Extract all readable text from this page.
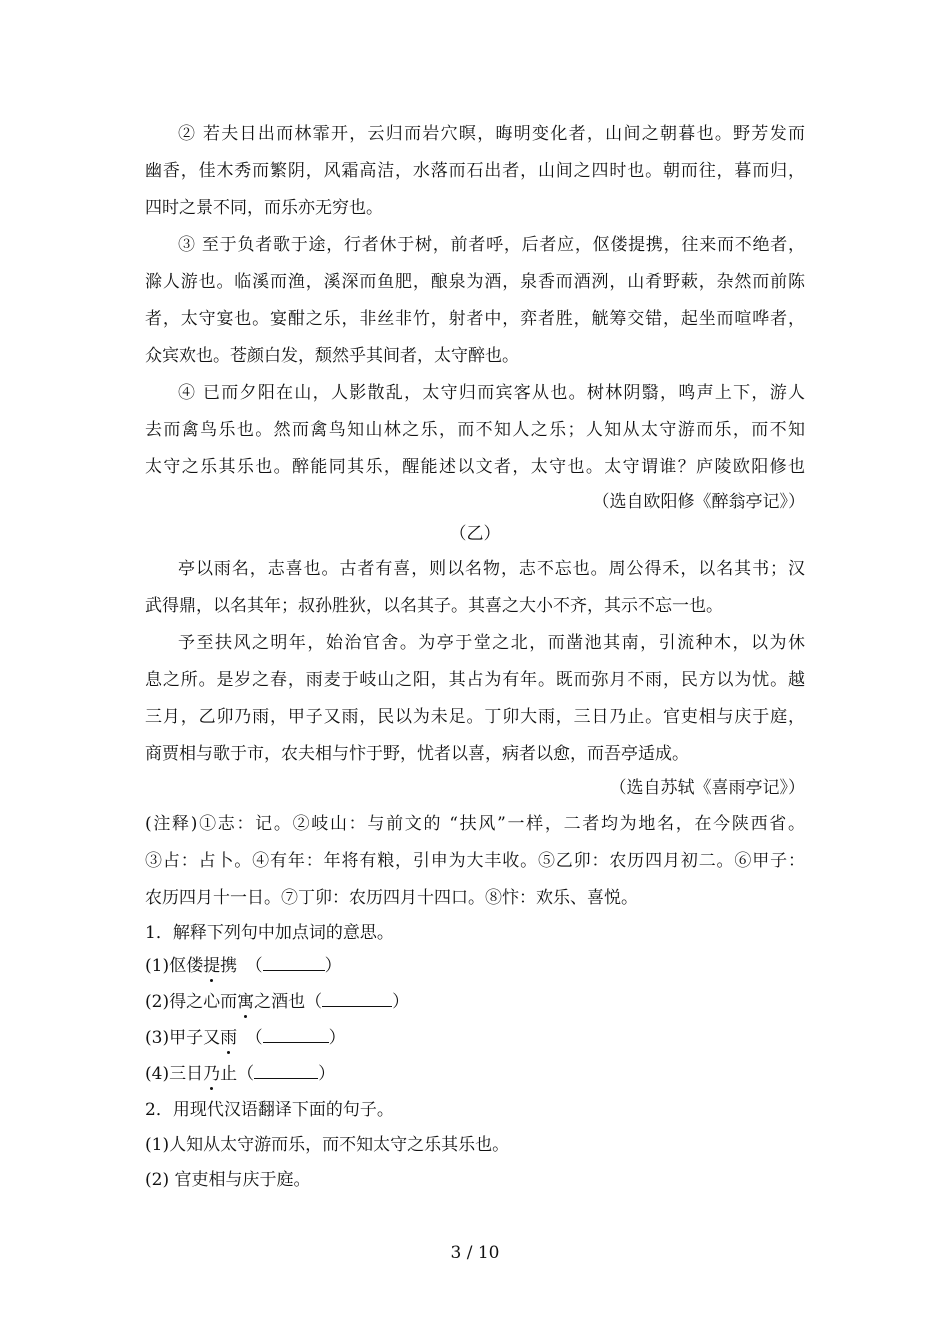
② 若夫日出而林霏开，云归而岩穴暝，晦明变化者，山间之朝暮也。野芳发而
幽香，佳木秀而繁阴，风霜高洁，水落而石出者，山间之四时也。朝而往，暮而归，
四时之景不同，而乐亦无穷也。
③ 至于负者歌于途，行者休于树，前者呼，后者应，伛偻提携，往来而不绝者，
滁人游也。临溪而渔，溪深而鱼肥，酿泉为酒，泉香而酒洌，山肴野蔌，杂然而前陈
者，太守宴也。宴酣之乐，非丝非竹，射者中，弈者胜，觥筹交错，起坐而喧哗者，
众宾欢也。苍颜白发，颓然乎其间者，太守醉也。
④ 已而夕阳在山，人影散乱，太守归而宾客从也。树林阴翳，鸣声上下，游人
去而禽鸟乐也。然而禽鸟知山林之乐，而不知人之乐；人知从太守游而乐，而不知
太守之乐其乐也。醉能同其乐，醒能述以文者，太守也。太守谓谁？庐陵欧阳修也
（选自欧阳修《醉翁亭记》）
（乙）
亭以雨名，志喜也。古者有喜，则以名物，志不忘也。周公得禾，以名其书；汉
武得鼎，以名其年；叔孙胜狄，以名其子。其喜之大小不齐，其示不忘一也。
予至扶风之明年，始治官舍。为亭于堂之北，而凿池其南，引流种木，以为休
息之所。是岁之春，雨麦于岐山之阳，其占为有年。既而弥月不雨，民方以为忧。越
三月，乙卯乃雨，甲子又雨，民以为未足。丁卯大雨，三日乃止。官吏相与庆于庭，
商贾相与歌于市，农夫相与忭于野，忧者以喜，病者以愈，而吾亭适成。
（选自苏轼《喜雨亭记》）
(注释)①志：记。②岐山：与前文的 “扶风”一样，二者均为地名，在今陕西省。
③占：占卜。④有年：年将有粮，引申为大丰收。⑤乙卯：农历四月初二。⑥甲子：
农历四月十一日。⑦丁卯：农历四月十四口。⑧忭：欢乐、喜悦。
1．解释下列句中加点词的意思。
(1)伛偻提携　（	）
(2)得之心而寓之酒也（	）
(3)甲子又雨　（	）
(4)三日乃止（	）
2．用现代汉语翻译下面的句子。
(1)人知从太守游而乐，而不知太守之乐其乐也。
(2) 官吏相与庆于庭。
3 / 10
